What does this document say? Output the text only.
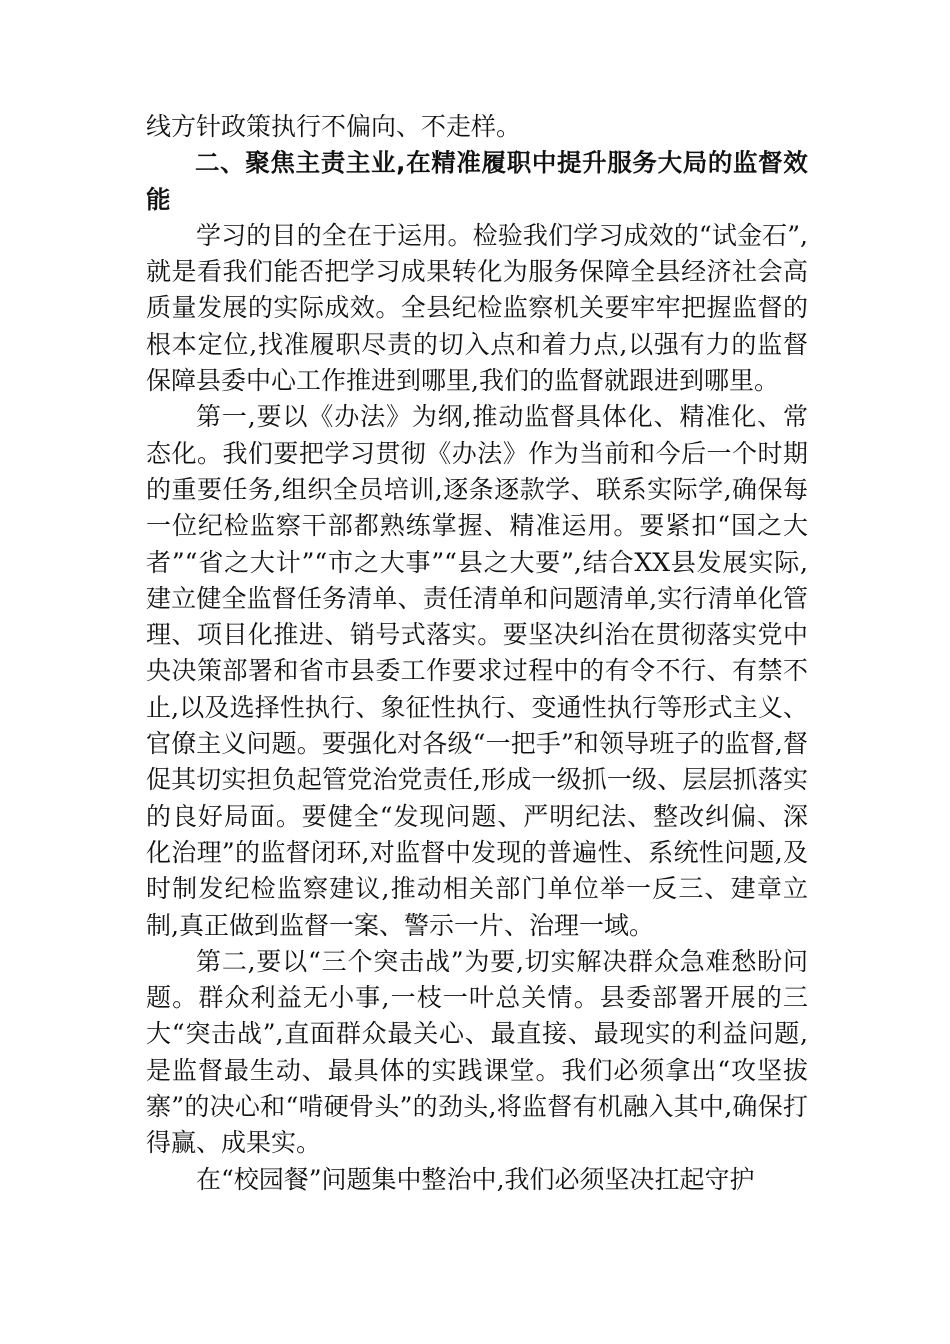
线方针政策执行不偏向、不走样。

二、聚焦主责主业,在精准履职中提升服务大局的监督效能

学习的目的全在于运用。检验我们学习成效的“试金石”,就是看我们能否把学习成果转化为服务保障全县经济社会高质量发展的实际成效。全县纪检监察机关要牢牢把握监督的根本定位,找准履职尽责的切入点和着力点,以强有力的监督保障县委中心工作推进到哪里,我们的监督就跟进到哪里。

第一,要以《办法》为纲,推动监督具体化、精准化、常态化。我们要把学习贯彻《办法》作为当前和今后一个时期的重要任务,组织全员培训,逐条逐款学、联系实际学,确保每一位纪检监察干部都熟练掌握、精准运用。要紧扣“国之大者”“省之大计”“市之大事”“县之大要”,结合XX县发展实际,建立健全监督任务清单、责任清单和问题清单,实行清单化管理、项目化推进、销号式落实。要坚决纠治在贯彻落实党中央决策部署和省市县委工作要求过程中的有令不行、有禁不止,以及选择性执行、象征性执行、变通性执行等形式主义、官僚主义问题。要强化对各级“一把手”和领导班子的监督,督促其切实担负起管党治党责任,形成一级抓一级、层层抓落实的良好局面。要健全“发现问题、严明纪法、整改纠偏、深化治理”的监督闭环,对监督中发现的普遍性、系统性问题,及时制发纪检监察建议,推动相关部门单位举一反三、建章立制,真正做到监督一案、警示一片、治理一域。

第二,要以“三个突击战”为要,切实解决群众急难愁盼问题。群众利益无小事,一枝一叶总关情。县委部署开展的三大“突击战”,直面群众最关心、最直接、最现实的利益问题,是监督最生动、最具体的实践课堂。我们必须拿出“攻坚拔寨”的决心和“啃硬骨头”的劲头,将监督有机融入其中,确保打得赢、成果实。

在“校园餐”问题集中整治中,我们必须坚决扛起守护
